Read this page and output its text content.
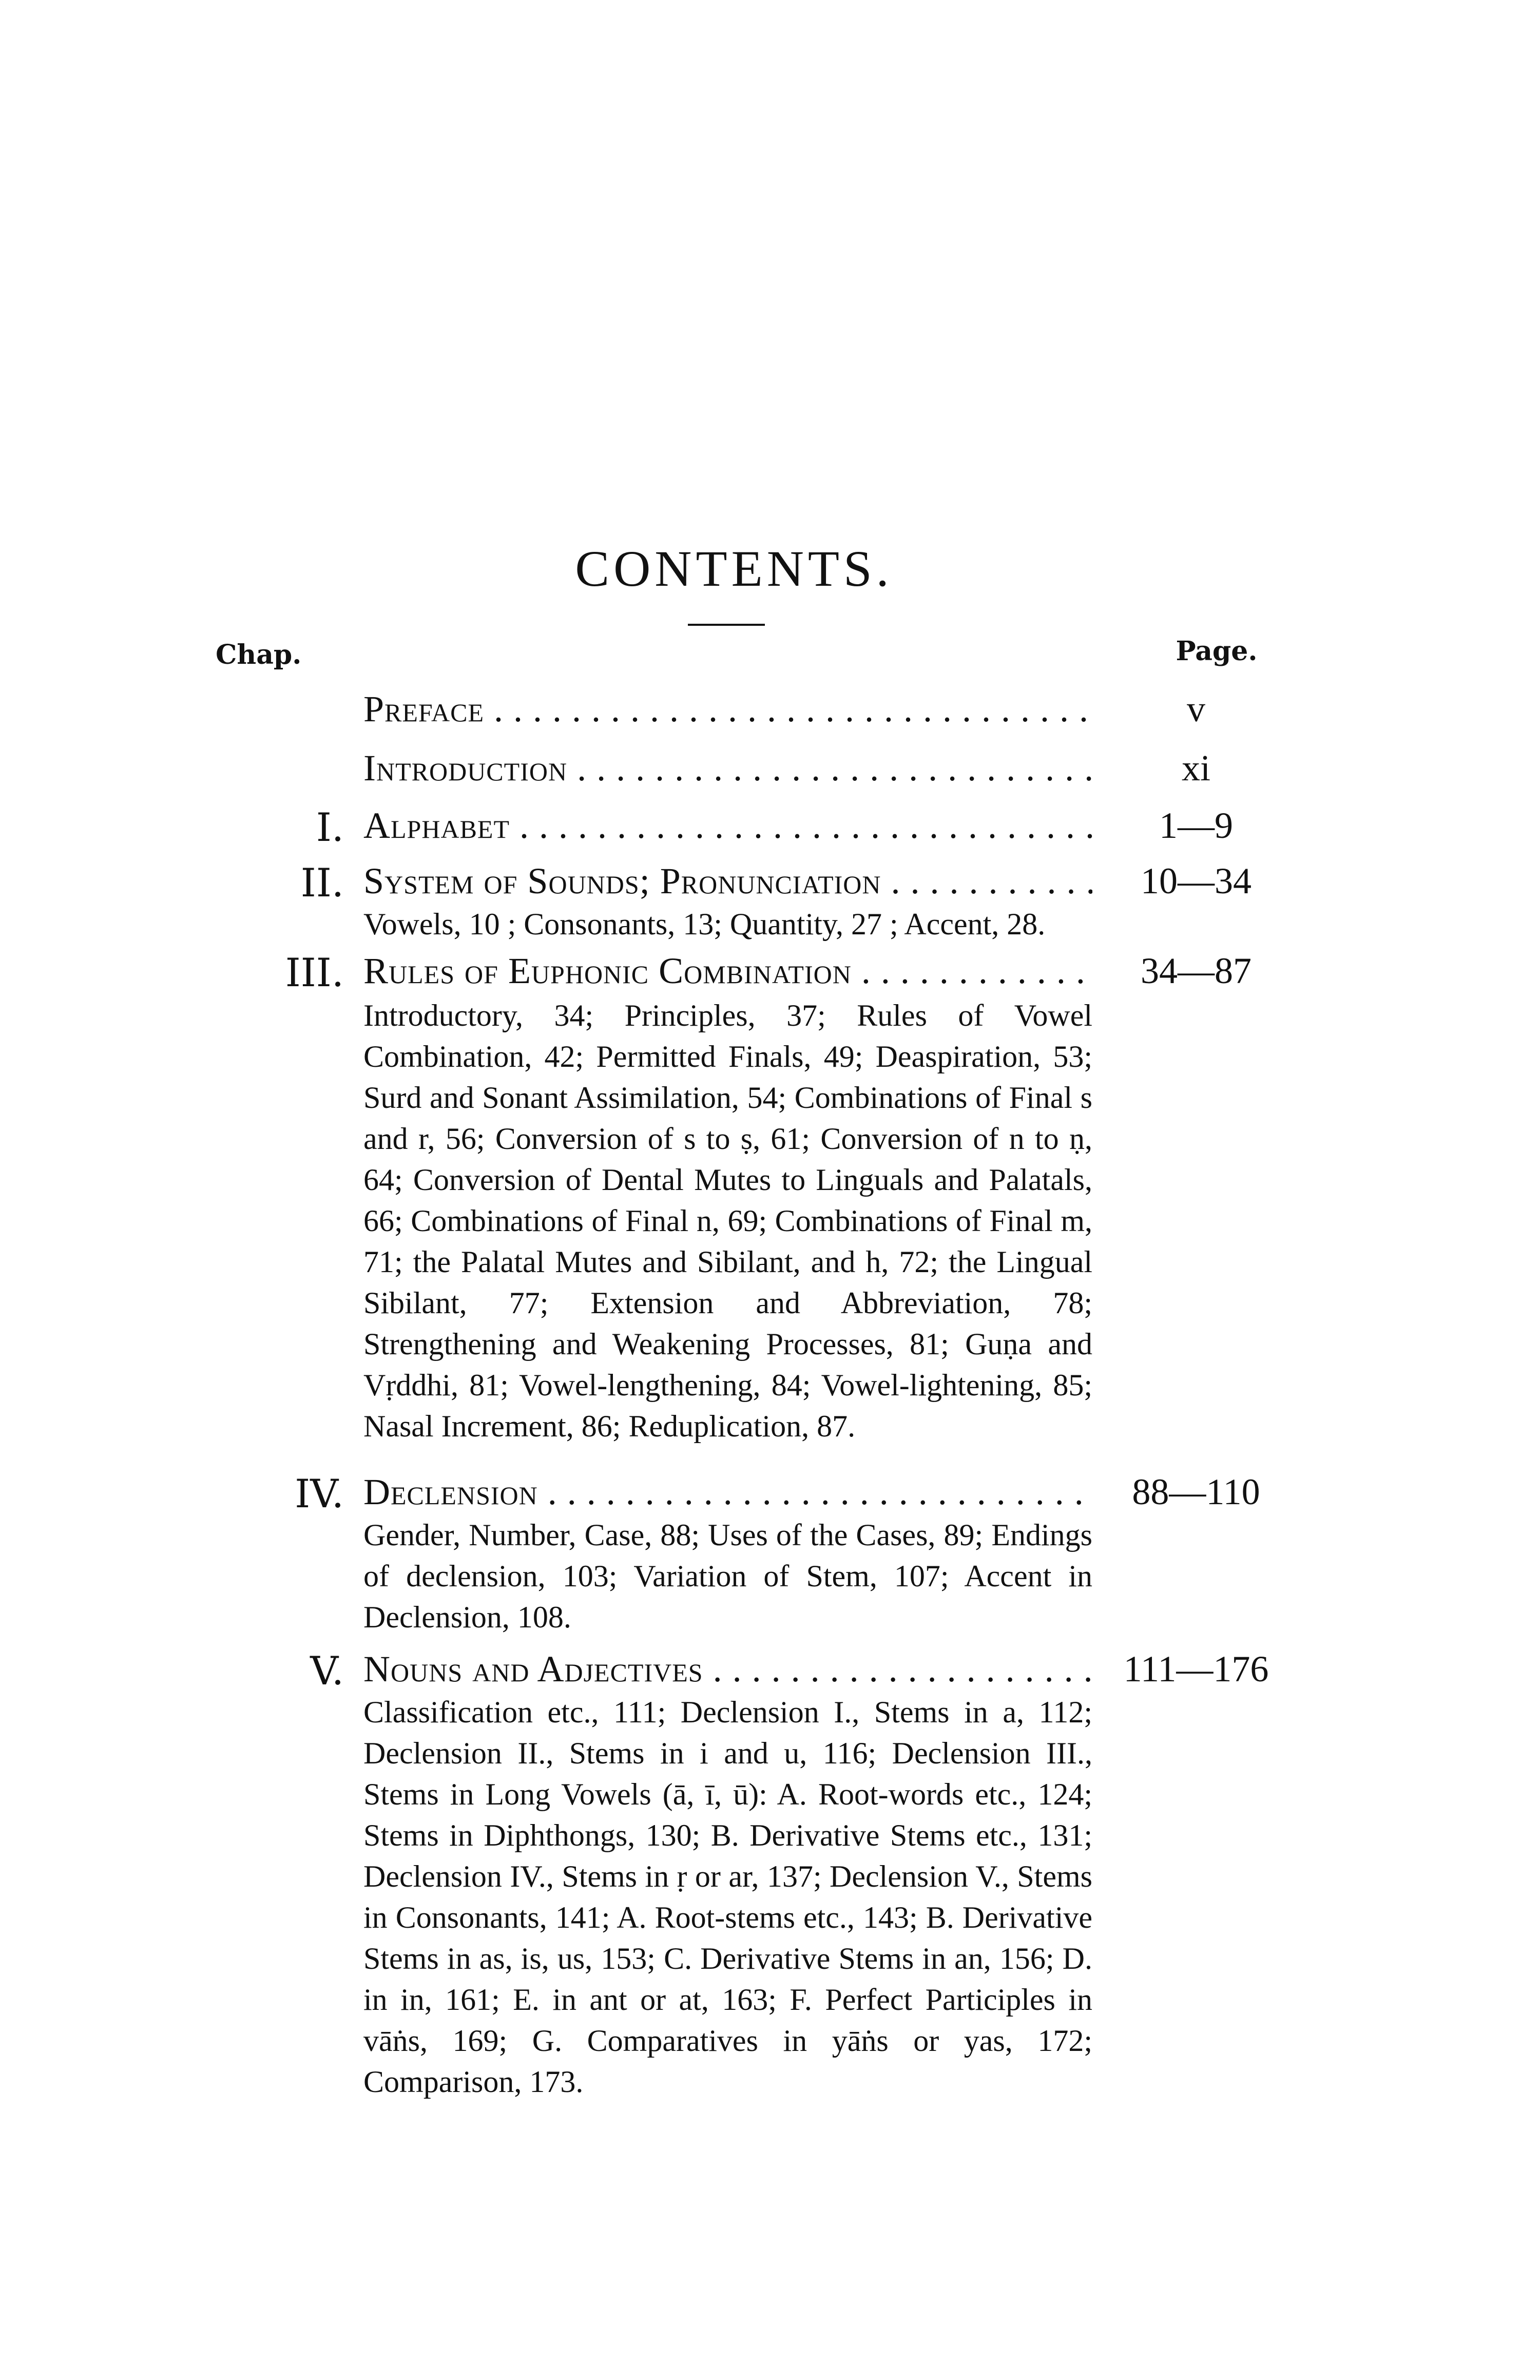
CONTENTS.
Chap.	Page.
Preface . . .	v
Introduction . . .	xi
I. Alphabet . . .	1—9
II. System of Sounds; Pronunciation . . .	10—34
Vowels, 10 ; Consonants, 13; Quantity, 27 ; Accent, 28.
III. Rules of Euphonic Combination . . .	34—87
Introductory, 34; Principles, 37; Rules of Vowel Combination, 42; Permitted Finals, 49; Deaspiration, 53; Surd and Sonant Assimilation, 54; Combinations of Final s and r, 56; Conversion of s to ṣ, 61; Conversion of n to ṇ, 64; Conversion of Dental Mutes to Linguals and Palatals, 66; Combinations of Final n, 69; Combinations of Final m, 71; the Palatal Mutes and Sibilant, and h, 72; the Lingual Sibilant, 77; Extension and Abbreviation, 78; Strengthening and Weakening Processes, 81; Guṇa and Vṛddhi, 81; Vowel-lengthening, 84; Vowel-lightening, 85; Nasal Increment, 86; Reduplication, 87.
IV. Declension . . .	88—110
Gender, Number, Case, 88; Uses of the Cases, 89; Endings of declension, 103; Variation of Stem, 107; Accent in Declension, 108.
V. Nouns and Adjectives . . .	111—176
Classification etc., 111; Declension I., Stems in a, 112; Declension II., Stems in i and u, 116; Declension III., Stems in Long Vowels (ā, ī, ū): A. Root-words etc., 124; Stems in Diphthongs, 130; B. Derivative Stems etc., 131; Declension IV., Stems in ṛ or ar, 137; Declension V., Stems in Consonants, 141; A. Root-stems etc., 143; B. Derivative Stems in as, is, us, 153; C. Derivative Stems in an, 156; D. in in, 161; E. in ant or at, 163; F. Perfect Participles in vāṅs, 169; G. Comparatives in yāṅs or yas, 172; Comparison, 173.
